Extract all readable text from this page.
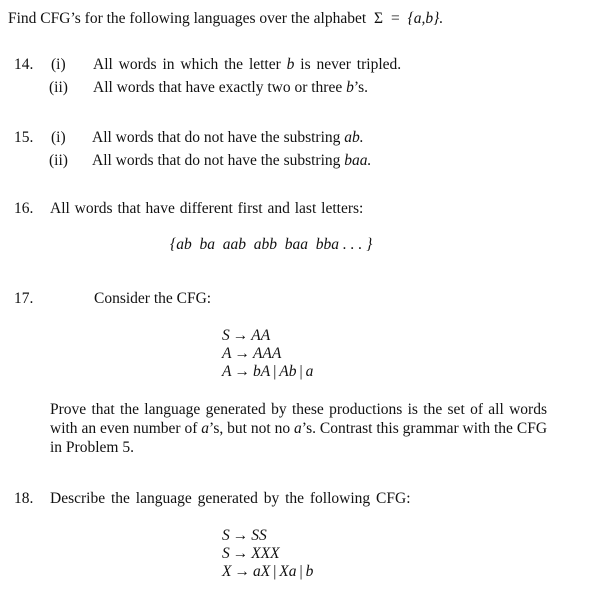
Find CFG’s for the following languages over the alphabet Σ = {a,b}.
14. (i) All words in which the letter b is never tripled.
(ii) All words that have exactly two or three b’s.
15. (i) All words that do not have the substring ab.
(ii) All words that do not have the substring baa.
16. All words that have different first and last letters:
{ab  ba  aab  abb  baa  bba . . . }
17.	Consider the CFG:
S → AA
A → AAA
A → bA | Ab | a
Prove that the language generated by these productions is the set of all words with an even number of a’s, but not no a’s. Contrast this grammar with the CFG in Problem 5.
18. Describe the language generated by the following CFG:
S → SS
S → XXX
X → aX | Xa | b
